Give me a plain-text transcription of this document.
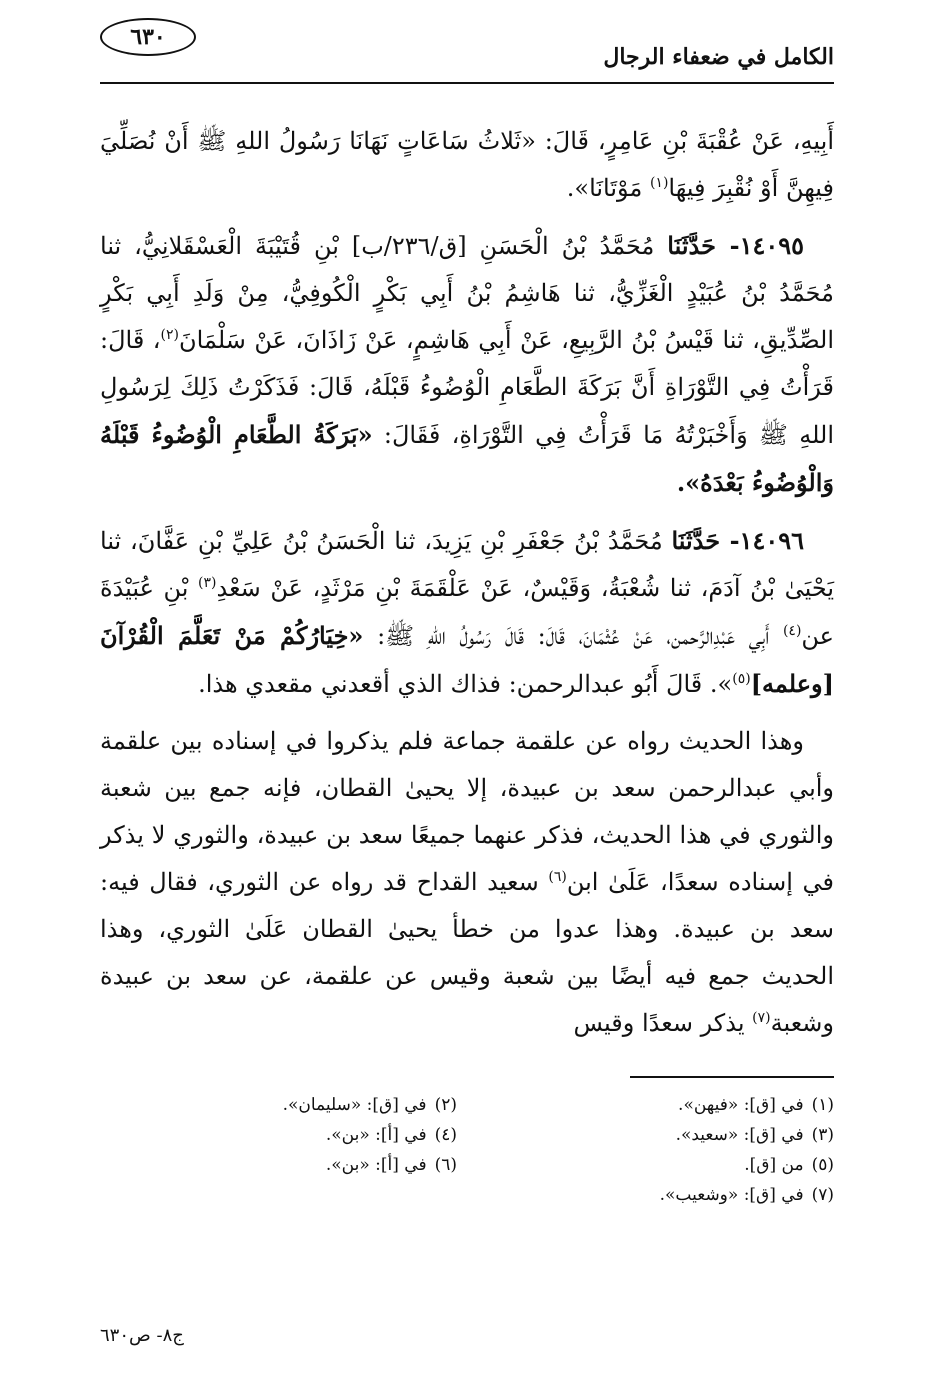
الكامل في ضعفاء الرجال
٦٣٠

أَبِيهِ، عَنْ عُقْبَةَ بْنِ عَامِرٍ، قَالَ: «ثَلاثُ سَاعَاتٍ نَهَانَا رَسُولُ اللهِ ﷺ أَنْ نُصَلِّيَ فِيهِنَّ أَوْ نُقْبِرَ فِيهَا$^{(١)}$ مَوْتَانَا».

١٤٠٩٥- حَدَّثَنَا مُحَمَّدُ بْنُ الْحَسَنِ [ق/٢٣٦/ب] بْنِ قُتَيْبَةَ الْعَسْقَلانِيُّ، ثنا مُحَمَّدُ بْنُ عُبَيْدٍ الْغَزِّيُّ، ثنا هَاشِمُ بْنُ أَبِي بَكْرٍ الْكُوفِيُّ، مِنْ وَلَدِ أَبِي بَكْرٍ الصِّدِّيقِ، ثنا قَيْسُ بْنُ الرَّبِيعِ، عَنْ أَبِي هَاشِمٍ، عَنْ زَاذَانَ، عَنْ سَلْمَانَ$^{(٢)}$، قَالَ: قَرَأْتُ فِي التَّوْرَاةِ أَنَّ بَرَكَةَ الطَّعَامِ الْوُضُوءُ قَبْلَهُ، قَالَ: فَذَكَرْتُ ذَلِكَ لِرَسُولِ اللهِ ﷺ وَأَخْبَرْتُهُ مَا قَرَأْتُ فِي التَّوْرَاةِ، فَقَالَ: «بَرَكَةُ الطَّعَامِ الْوُضُوءُ قَبْلَهُ وَالْوُضُوءُ بَعْدَهُ».

١٤٠٩٦- حَدَّثَنَا مُحَمَّدُ بْنُ جَعْفَرِ بْنِ يَزِيدَ، ثنا الْحَسَنُ بْنُ عَلِيِّ بْنِ عَفَّانَ، ثنا يَحْيَىٰ بْنُ آدَمَ، ثنا شُعْبَةُ، وَقَيْسٌ، عَنْ عَلْقَمَةَ بْنِ مَرْثَدٍ، عَنْ سَعْدِ$^{(٣)}$ بْنِ عُبَيْدَةَ عن$^{(٤)}$ أَبِي عَبْدِالرَّحمن، عَنْ عُثْمَانَ، قَالَ: قَالَ رَسُولُ اللهِ ﷺ: «خِيَارُكُمْ مَنْ تَعَلَّمَ الْقُرْآنَ [وعلمه]$^{(٥)}$». قَالَ أَبُو عبدالرحمن: فذاك الذي أقعدني مقعدي هذا.

وهذا الحديث رواه عن علقمة جماعة فلم يذكروا في إسناده بين علقمة وأبي عبدالرحمن سعد بن عبيدة، إلا يحيىٰ القطان، فإنه جمع بين شعبة والثوري في هذا الحديث، فذكر عنهما جميعًا سعد بن عبيدة، والثوري لا يذكر في إسناده سعدًا، عَلَىٰ ابن$^{(٦)}$ سعيد القداح قد رواه عن الثوري، فقال فيه: سعد بن عبيدة. وهذا عدوا من خطأ يحيىٰ القطان عَلَىٰ الثوري، وهذا الحديث جمع فيه أيضًا بين شعبة وقيس عن علقمة، عن سعد بن عبيدة وشعبة$^{(٧)}$ يذكر سعدًا وقيس

(١)في [ق]: «فيهن».
(٢)في [ق]: «سليمان».
(٣)في [ق]: «سعيد».
(٤)في [أ]: «بن».
(٥)من [ق].
(٦)في [أ]: «بن».
(٧)في [ق]: «وشعيب».
ج٨- ص٦٣٠
